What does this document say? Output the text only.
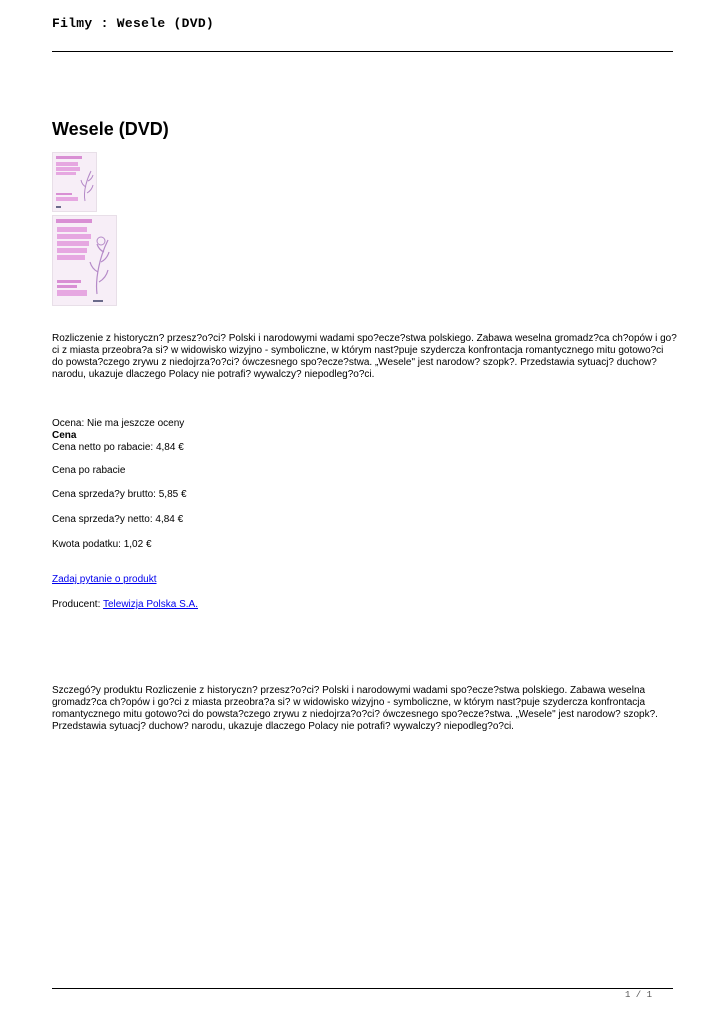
Filmy : Wesele (DVD)
Wesele (DVD)
Rozliczenie z historyczn? przesz?o?ci? Polski i narodowymi wadami spo?ecze?stwa polskiego. Zabawa weselna gromadz?ca ch?opów i go?ci z miasta przeobra?a si? w widowisko wizyjno - symboliczne, w którym nast?puje szydercza konfrontacja romantycznego mitu gotowo?ci do powsta?czego zrywu z niedojrza?o?ci? ówczesnego spo?ecze?stwa. „Wesele" jest narodow? szopk?. Przedstawia sytuacj? duchow? narodu, ukazuje dlaczego Polacy nie potrafi? wywalczy? niepodleg?o?ci.
Ocena: Nie ma jeszcze oceny
Cena
Cena netto po rabacie: 4,84 €
Cena po rabacie
Cena sprzeda?y brutto: 5,85 €
Cena sprzeda?y netto: 4,84 €
Kwota podatku: 1,02 €
Zadaj pytanie o produkt
Producent: Telewizja Polska S.A.
Szczegó?y produktu Rozliczenie z historyczn? przesz?o?ci? Polski i narodowymi wadami spo?ecze?stwa polskiego. Zabawa weselna gromadz?ca ch?opów i go?ci z miasta przeobra?a si? w widowisko wizyjno - symboliczne, w którym nast?puje szydercza konfrontacja romantycznego mitu gotowo?ci do powsta?czego zrywu z niedojrza?o?ci? ówczesnego spo?ecze?stwa. „Wesele" jest narodow? szopk?. Przedstawia sytuacj? duchow? narodu, ukazuje dlaczego Polacy nie potrafi? wywalczy? niepodleg?o?ci.
1 / 1
